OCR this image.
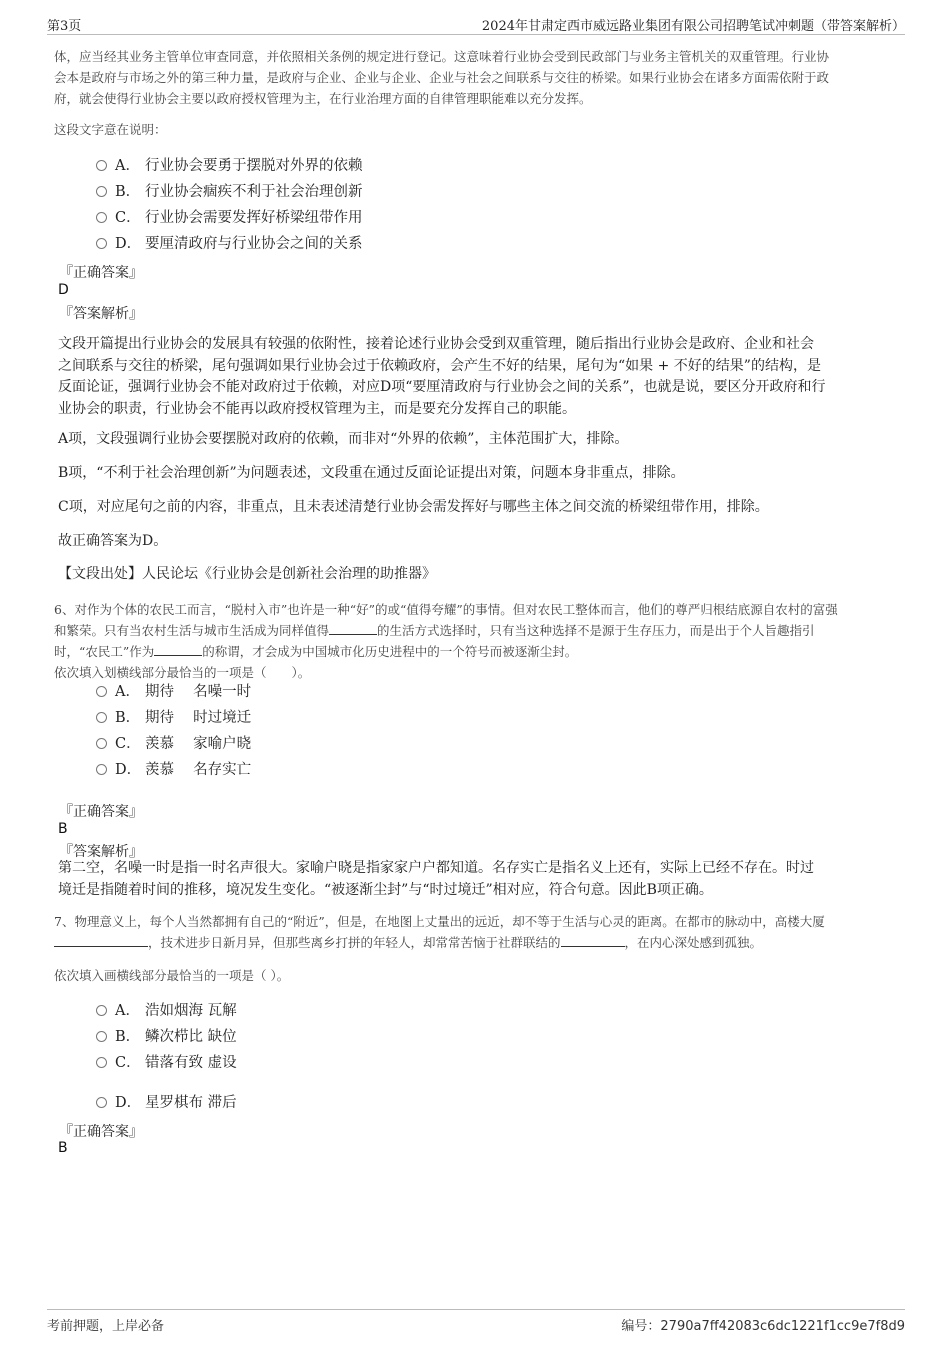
第3页	2024年甘肃定西市威远路业集团有限公司招聘笔试冲刺题（带答案解析）
体，应当经其业务主管单位审查同意，并依照相关条例的规定进行登记。这意味着行业协会受到民政部门与业务主管机关的双重管理。行业协
会本是政府与市场之外的第三种力量，是政府与企业、企业与企业、企业与社会之间联系与交往的桥梁。如果行业协会在诸多方面需依附于政
府，就会使得行业协会主要以政府授权管理为主，在行业治理方面的自律管理职能难以充分发挥。
这段文字意在说明：
A． 行业协会要勇于摆脱对外界的依赖
B． 行业协会痼疾不利于社会治理创新
C． 行业协会需要发挥好桥梁纽带作用
D． 要厘清政府与行业协会之间的关系
『正确答案』
D
『答案解析』
文段开篇提出行业协会的发展具有较强的依附性，接着论述行业协会受到双重管理，随后指出行业协会是政府、企业和社会
之间联系与交往的桥梁，尾句强调如果行业协会过于依赖政府，会产生不好的结果，尾句为“如果 + 不好的结果”的结构，是
反面论证，强调行业协会不能对政府过于依赖，对应D项“要厘清政府与行业协会之间的关系”，也就是说，要区分开政府和行
业协会的职责，行业协会不能再以政府授权管理为主，而是要充分发挥自己的职能。
A项，文段强调行业协会要摆脱对政府的依赖，而非对“外界的依赖”，主体范围扩大，排除。
B项，“不利于社会治理创新”为问题表述，文段重在通过反面论证提出对策，问题本身非重点，排除。
C项，对应尾句之前的内容，非重点，且未表述清楚行业协会需发挥好与哪些主体之间交流的桥梁纽带作用，排除。
故正确答案为D。
【文段出处】人民论坛《行业协会是创新社会治理的助推器》
6、对作为个体的农民工而言，“脱村入市”也许是一种“好”的或“值得夸耀”的事情。但对农民工整体而言，他们的尊严归根结底源自农村的富强
和繁荣。只有当农村生活与城市生活成为同样值得	的生活方式选择时，只有当这种选择不是源于生存压力，而是出于个人旨趣指引
时，“农民工”作为	的称谓，才会成为中国城市化历史进程中的一个符号而被逐渐尘封。
依次填入划横线部分最恰当的一项是（　　）。
A． 期待　 名噪一时
B． 期待　 时过境迁
C． 羡慕　 家喻户晓
D． 羡慕　 名存实亡
『正确答案』
B
『答案解析』
第二空，名噪一时是指一时名声很大。家喻户晓是指家家户户都知道。名存实亡是指名义上还有，实际上已经不存在。时过
境迁是指随着时间的推移，境况发生变化。“被逐渐尘封”与“时过境迁”相对应，符合句意。因此B项正确。
7、物理意义上，每个人当然都拥有自己的“附近”，但是，在地图上丈量出的远近，却不等于生活与心灵的距离。在都市的脉动中，高楼大厦
，技术进步日新月异，但那些离乡打拼的年轻人，却常常苦恼于社群联结的	，在内心深处感到孤独。
依次填入画横线部分最恰当的一项是（ ）。
A． 浩如烟海 瓦解
B． 鳞次栉比 缺位
C． 错落有致 虚设
D． 星罗棋布 滞后
『正确答案』
B
考前押题，上岸必备	编号：2790a7ff42083c6dc1221f1cc9e7f8d9
